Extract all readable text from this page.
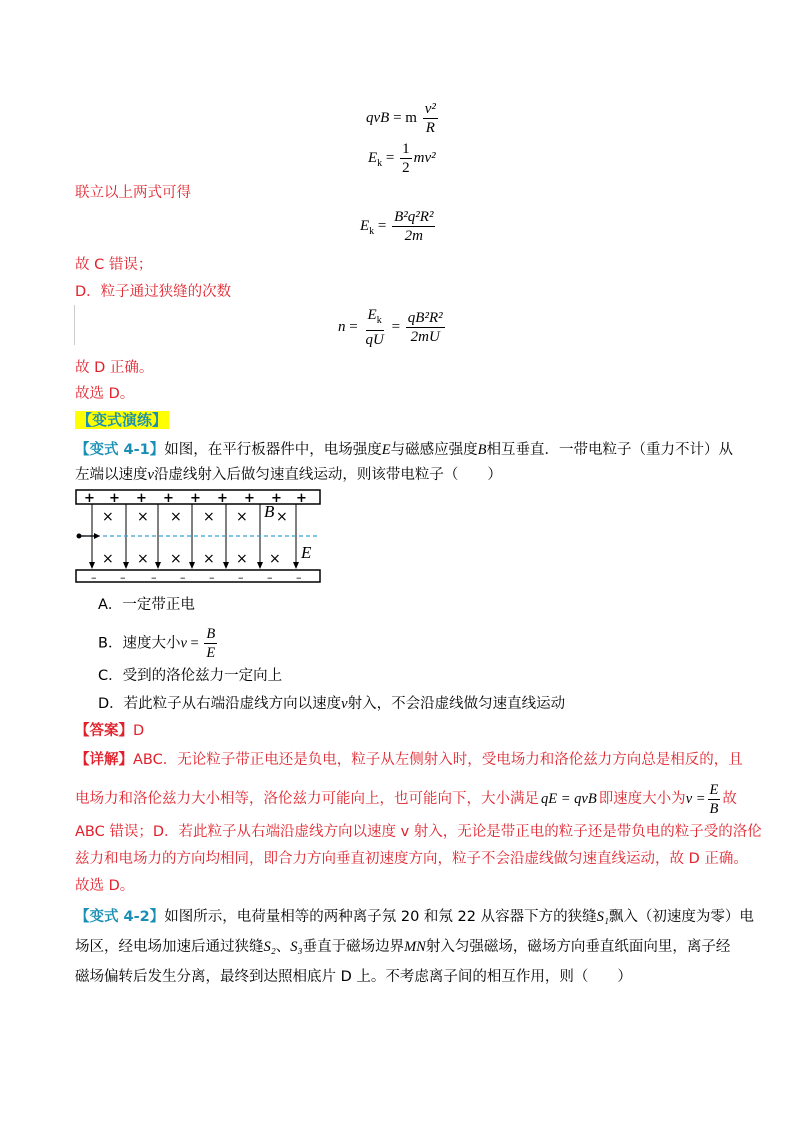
qvB = m $\frac{\text{v²}}{R}$
$E_k = \frac{1}{2} mv^2$
联立以上两式可得
$E_k = \frac{\text{B²q²R²}}{2m}$
故 C 错误；
D．粒子通过狭缝的次数
$n = \frac{E_k}{qU} = \frac{\text{qB²R²}}{2mU}$
故 D 正确。
故选 D。
【变式演练】
【变式 4-1】如图，在平行板器件中，电场强度E与磁感应强度B相互垂直．一带电粒子（重力不计）从
左端以速度v沿虚线射入后做匀速直线运动，则该带电粒子（　　）
+ + + + + + + + +
– – – – – – – –
× × × × × ×
× × × × × ×
B
E
A．一定带正电
B．速度大小$v = \frac{B}{E}$
C．受到的洛伦兹力一定向上
D．若此粒子从右端沿虚线方向以速度v射入，不会沿虚线做匀速直线运动
【答案】D
【详解】ABC．无论粒子带正电还是负电，粒子从左侧射入时，受电场力和洛伦兹力方向总是相反的，且
电场力和洛伦兹力大小相等，洛伦兹力可能向上，也可能向下，大小满足 qE = qvB 即速度大小为 $v = \frac{E}{B}$ 故
ABC 错误；D．若此粒子从右端沿虚线方向以速度 v 射入，无论是带正电的粒子还是带负电的粒子受的洛伦
兹力和电场力的方向均相同，即合力方向垂直初速度方向，粒子不会沿虚线做匀速直线运动，故 D 正确。
故选 D。
【变式 4-2】如图所示，电荷量相等的两种离子氖 20 和氖 22 从容器下方的狭缝S₁飘入（初速度为零）电
场区，经电场加速后通过狭缝S₂、S₃垂直于磁场边界MN射入匀强磁场，磁场方向垂直纸面向里，离子经
磁场偏转后发生分离，最终到达照相底片 D 上。不考虑离子间的相互作用，则（　　）
